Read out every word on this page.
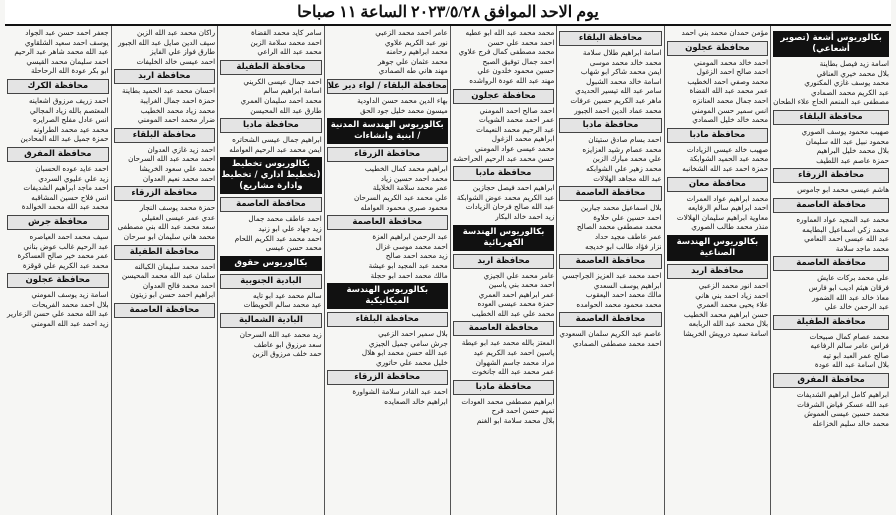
يوم الاحد الموافق ٢٠٢٣/٥/٢٨ الساعة ١١ صباحا
بكالوريوس أشعة (تصوير أشعاعي)
اسامة زيد فيصل بطاينة
بلال محمد خيري العناقي
محمد يوسف غازي المكنوري
عبد الكريم محمد الصمادي
مصطفى عبد المنعم الحاج علاء الطحان
محافظة البلقاء
صهيب محمود يوسف الصوري
محمود نبيل عبد الله سليمان
بلال محمد خليل البراهيم
حمزة عاصم عبد اللطيف
محافظة الزرقاء
هاشم عيسى محمد ابو جاموس
محافظة العاصمة
محمد عبد المجيد عواد العماوره
محمد زكي اسماعيل البطايمه
عبد الله عيسى احمد النعامي
محمد ماجد سلامة
محافظة العاصمة
علي محمد بركات عايش
فرقان هيثم اديب ابو فارس
معاذ خالد عبد الله الضمور
عبد الرحمن خالد علي
محافظة الطفيلة
محمد عصام كمال صبيحات
فراس عامر سالم الرفاعيه
صالح عمر العبد ابو تيه
بلال اسامة عبد الله عودة
محافظة المفرق
ابراهيم كامل ابراهيم الشديفات
عبد الله عسكر فياض الشرفات
محمد حسين عيسى العموش
محمد خالد سليم الخزاعله
مؤمن حمدان محمد بني احمد
محافظة عجلون
احمد خالد محمد المومني
احمد صالح احمد الزغول
محمد وصفي احمد الخطيب
عمر محمد عبد الله القضاة
احمد جمال محمد العنانزه
انس سمير حسن المومني
محمد خالد خليل الصمادي
محافظة مادبا
صهيب خالد عيسى الزيادات
محمد عبد الحميد الشوابكة
حمزة احمد عبد الله الشخانبه
محافظة معان
محمد ابراهيم عواد العمرات
احمد ابراهيم سالم الرفايعه
معاوية ابراهيم سليمان الهلالات
منذر محمد طالب الصوري
بكالوريوس الهندسة الصناعية
محافظة اربد
احمد انور محمد الزعبي
احمد زياد احمد بني هاني
علاء يحيى محمد العمري
حسن ابراهيم محمد الخطيب
بلال محمد عبد الله الربابعه
اسامة سعيد درويش الخريشا
محافظة البلقاء
اسامة ابراهيم طلال سلامة
محمد خالد محمد موسى
ايمن محمد شاكر ابو شهاب
اسامة خالد محمد الشبول
سامر عبد الله تيسير الحديدي
ماهر عبد الكريم حسين عرفات
محمد عماد الدين احمد الجبور
محافظة مادبا
احمد بسام صادق ستيتان
محمد عصام رشيد العزايزه
علي محمد مبارك الزبن
محمد زهير علي الشوابكه
عبد الله مجاهد الهلالات
محافظة العاصمة
بلال اسماعيل محمد جبارين
احمد حسين علي حلاوة
محمد مصطفى محمد الصالح
عمر عاطف مجيد حداد
نزار فؤاد طالب ابو خديجه
محافظة العاصمة
احمد محمد عبد العزيز الجراجسي
ابراهيم يوسف السعدي
مالك محمد احمد اليعقوب
محمد محمود محمد الحوامده
محافظة العاصمة
عاصم عبد الكريم سلمان السعودي
احمد محمد مصطفى الصمادي
محمد محمد عبد الله ابو عطيه
احمد محمد علي حسن
محمد مصطفى كمال فرج علاوي
احمد جمال توفيق الصبح
حسين محمود خلدون علي
مهند عبد الله عودة الرواشده
محافظة عجلون
احمد صالح احمد المومني
عمر احمد محمد الشويات
عبد الرحيم محمد النعيمات
ابراهيم محمد الزغول
محمد عيسى عواد المومني
حسن محمد عبد الرحيم الحراحشه
محافظة مادبا
ابراهيم احمد فيصل حجازين
عبد الكريم محمد عوض الشوابكة
عبد الله صالح فرحان الزيادات
زيد احمد خالد البكار
بكالوريوس الهندسة الكهربائية
محافظة اربد
عامر محمد علي الجيزي
احمد محمد بني ياسين
عمر ابراهيم احمد العمري
حمزة محمد عيسى العوده
محمد علي عبد الله الخطيب
محافظة العاصمة
المعتز بالله محمد عبد ابو عيطة
ياسين احمد عبد الكريم عيد
مراد محمد جاسم الشهوان
عمر محمد عبد الله جانخوت
محافظة مادبا
ابراهيم مصطفى محمد العودات
تميم حسن احمد فرح
بلال محمد سلامة ابو الغنم
عامر احمد محمد الزعبي
نور عبد الكريم علاوي
محمد ابراهيم رحامنه
محمد عثمان علي جوهر
مهند هاني طه الصمادي
محافظة البلقاء / لواء دير علا
بهاء الدين محمد حسن الداودية
ميسون محمد خليل جود الحق
بكالوريوس الهندسة المدنية / ابنية وانشاءات
محافظة الزرقاء
ابراهيم محمد كمال الخطيب
محمد احمد حسين زياد
عمر محمد سلامة الخلايلة
علي محمد عبد الكريم السرحان
محمود صبري محمود العوامله
محافظة العاصمة
عبد الرحمن ابراهيم العزة
احمد محمد موسى غزال
زيد محمد احمد صالح
محمد عبد المجيد ابو عيشة
مالك محمد احمد ابو حجلة
بكالوريوس الهندسة الميكانيكية
محافظة البلقاء
بلال سمير احمد الزعبي
جرش سامي جميل الجيزي
عبد الله حسن محمد ابو هلال
خليل محمد علي حاتوري
محافظة الزرقاء
احمد عبد القادر سلامة الشواورة
ابراهيم خالد الصعايده
سامر كايد محمد القضاة
احمد محمد سلامة الزبن
محمد عبد الله الراعي
محافظة الطفيلة
احمد جمال عيسى الكريني
اسامة ابراهيم سالم
محمد احمد سليمان العمري
طارق عبد الله المحيسن
محافظة مادبا
ابراهيم جمال عيسى الشحاتره
ايمن محمد عبد الرحيم العوامله
بكالوريوس تخطيط (تخطيط اداري / تخطيط وادارة مشاريع)
محافظة العاصمة
احمد عاطف محمد جمال
زيد جهاد علي ابو زنيد
احمد محمد عبد الكريم اللحام
محمد حسن عيسى
بكالوريوس حقوق
البادية الجنوبية
سالم محمد عيد ابو تايه
عيد محمد سالم الحويطات
البادية الشمالية
زيد محمد عبد الله السرحان
سعد مرزوق ابو عاطف
حمد خلف مرزوق الزبن
راكان محمد عبد الله الزبن
سيف الدين صايل عبد الله الجبور
طارق فواز علي الفايز
احمد عيسى خالد الخليفات
محافظة اربد
احسان محمد عبد الحميد بطاينة
حمزة احمد جمال الغرايبة
محمد زياد محمد الخطيب
ضرار محمد احمد المومني
محافظة البلقاء
احمد زيد غازي العدوان
احمد محمد عبد الله السرحان
محمد علي سعود الخريشا
احمد محمد نعيم العدوان
محافظة الزرقاء
حمزة محمد يوسف النجار
عدي عمر عيسى العقيلي
سعد محمد عبد الله بني مصطفى
محمد هاني سليمان ابو سرحان
محافظة الطفيلة
احمد محمد سليمان الكبالنه
سلمان عبد الله محمد المحيسن
احمد محمد فالح العدوان
ابراهيم احمد حسن ابو زيتون
محافظة العاصمة
جعفر احمد حسن عبد الجواد
يوسف احمد سعيد الشلقاوي
عبد الله محمد شاهر عبد الرحيم
احمد سليمان محمد القيسي
ابو بكر عودة الله الرحاحلة
محافظة الكرك
احمد زريف مرزوق اشعاينه
المعتصم بالله زياد المجالي
انس عادل مفلح الصرايره
محمد عيد محمد الطراونه
حمزة جميل عبد الله المحادين
محافظة المفرق
احمد عايد عوده الحسبان
زيد علي عليوي السردي
احمد ماجد ابراهيم الشديفات
انس فلاح حسين المشاقبه
محمد عبد الله محمد الخوالدة
محافظة جرش
سيف محمد احمد العياصره
عبد الرحيم غالب عوض بناني
عمر محمد خير صالح العساكرة
محمد عبد الكريم علي قوقزة
محافظة عجلون
اسامة زيد يوسف المومني
بلال احمد محمد الفريحات
عبد الله محمد علي حسن الزعارير
زيد احمد عبد الله المومني
